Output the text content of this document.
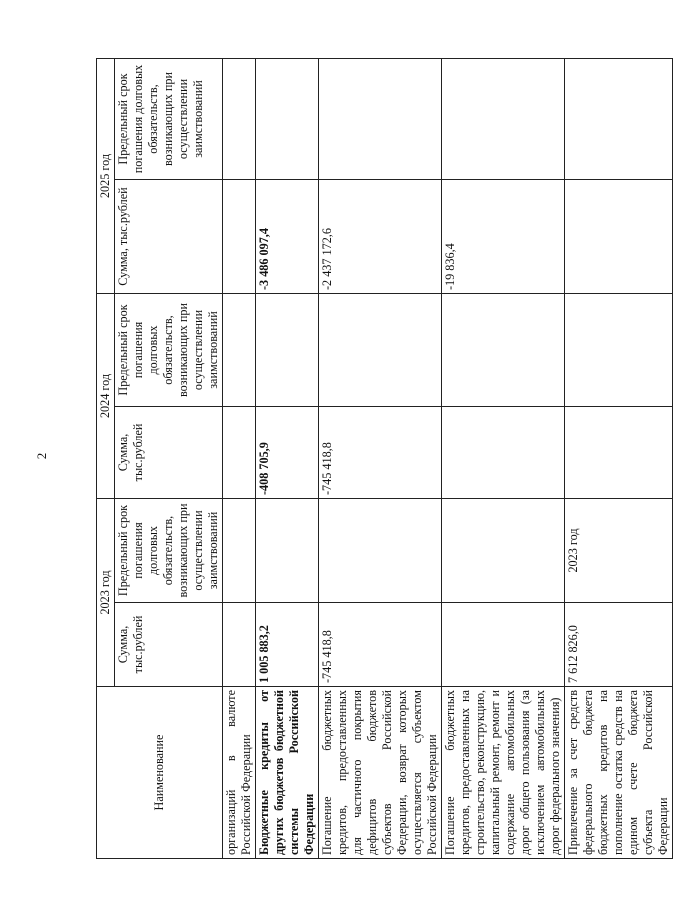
2
Наименование	2023 год		2024 год		2025 год	
	Сумма, тыс.рублей	Предельный срок погашения долговых обязательств, возникающих при осуществлении заимствований	Сумма, тыс.рублей	Предельный срок погашения долговых обязательств, возникающих при осуществлении заимствований	Сумма, тыс.рублей	Предельный срок погашения долговых обязательств, возникающих при осуществлении заимствований
организаций в валюте Российской Федерации						
Бюджетные кредиты от других бюджетов бюджетной системы Российской Федерации	1 005 883,2		-408 705,9		-3 486 097,4	
Погашение бюджетных кредитов, предоставленных для частичного покрытия дефицитов бюджетов субъектов Российской Федерации, возврат которых осуществляется субъектом Российской Федерации	-745 418,8		-745 418,8		-2 437 172,6	
Погашение бюджетных кредитов, предоставленных на строительство, реконструкцию, капитальный ремонт, ремонт и содержание автомобильных дорог общего пользования (за исключением автомобильных дорог федерального значения)					-19 836,4	
Привлечение за счет средств федерального бюджета бюджетных кредитов на пополнение остатка средств на едином счете бюджета субъекта Российской Федерации	7 612 826,0	2023 год				
